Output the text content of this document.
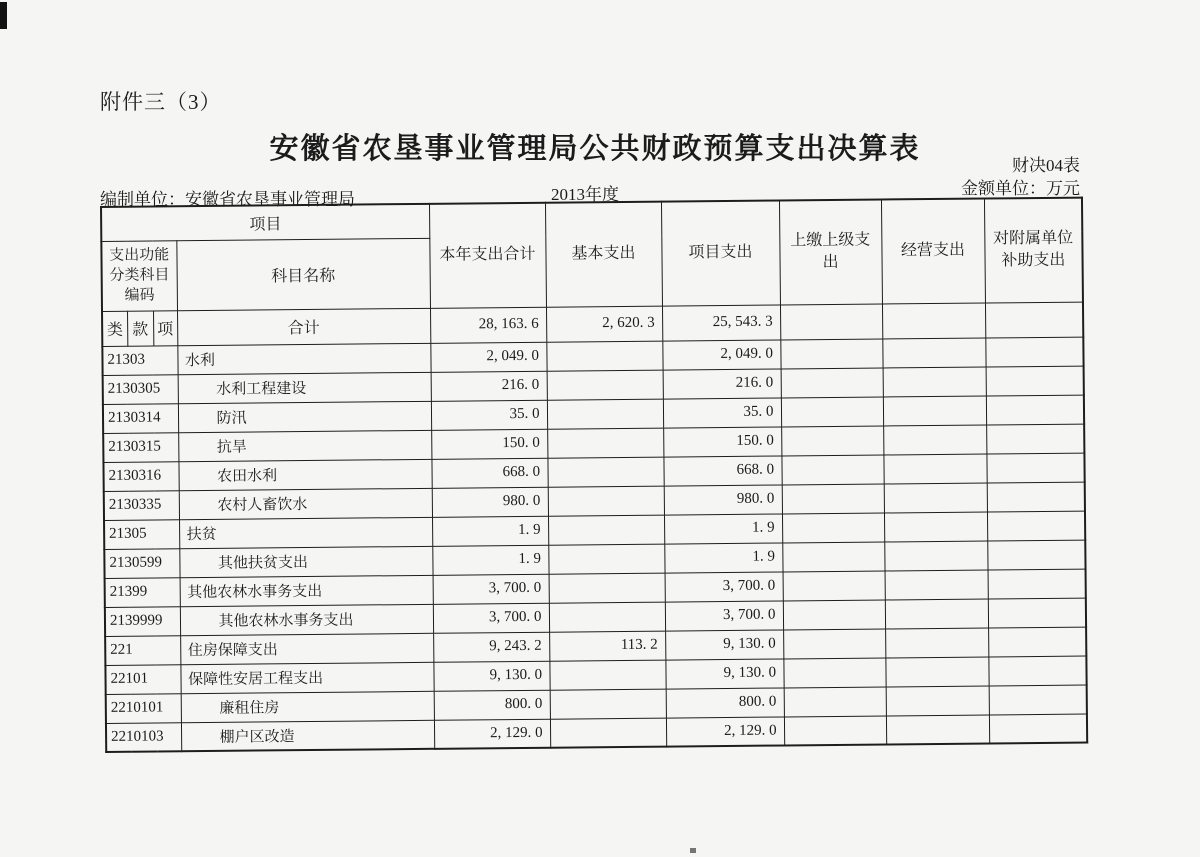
附件三（3）
安徽省农垦事业管理局公共财政预算支出决算表
财决04表
金额单位：万元
编制单位：安徽省农垦事业管理局	2013年度
项目				本年支出合计	基本支出	项目支出	上缴上级支出	经营支出	对附属单位补助支出
支出功能分类科目编码			科目名称						
类	款	项	合计	28, 163. 6	2, 620. 3	25, 543. 3			
21303			水利	2, 049. 0		2, 049. 0			
2130305			水利工程建设	216. 0		216. 0			
2130314			防汛	35. 0		35. 0			
2130315			抗旱	150. 0		150. 0			
2130316			农田水利	668. 0		668. 0			
2130335			农村人畜饮水	980. 0		980. 0			
21305			扶贫	1. 9		1. 9			
2130599			其他扶贫支出	1. 9		1. 9			
21399			其他农林水事务支出	3, 700. 0		3, 700. 0			
2139999			其他农林水事务支出	3, 700. 0		3, 700. 0			
221			住房保障支出	9, 243. 2	113. 2	9, 130. 0			
22101			保障性安居工程支出	9, 130. 0		9, 130. 0			
2210101			廉租住房	800. 0		800. 0			
2210103			棚户区改造	2, 129. 0		2, 129. 0			
